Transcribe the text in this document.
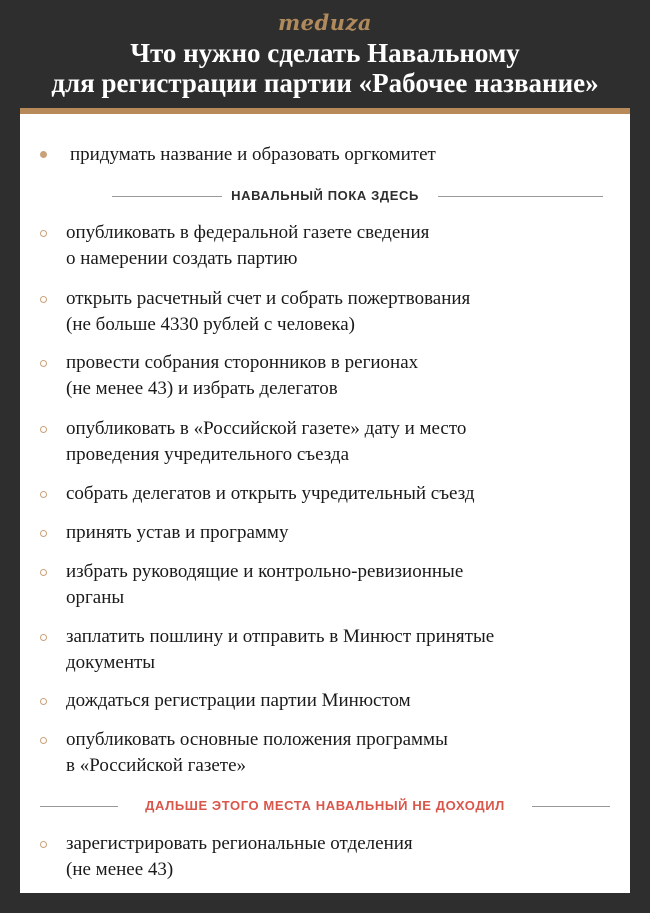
meduza
Что нужно сделать Навальному
для регистрации партии «Рабочее название»
придумать название и образовать оргкомитет
НАВАЛЬНЫЙ ПОКА ЗДЕСЬ
опубликовать в федеральной газете сведения
о намерении создать партию
открыть расчетный счет и собрать пожертвования
(не больше 4330 рублей с человека)
провести собрания сторонников в регионах
(не менее 43) и избрать делегатов
опубликовать в «Российской газете» дату и место
проведения учредительного съезда
собрать делегатов и открыть учредительный съезд
принять устав и программу
избрать руководящие и контрольно-ревизионные
органы
заплатить пошлину и отправить в Минюст принятые
документы
дождаться регистрации партии Минюстом
опубликовать основные положения программы
в «Российской газете»
ДАЛЬШЕ ЭТОГО МЕСТА НАВАЛЬНЫЙ НЕ ДОХОДИЛ
зарегистрировать региональные отделения
(не менее 43)
